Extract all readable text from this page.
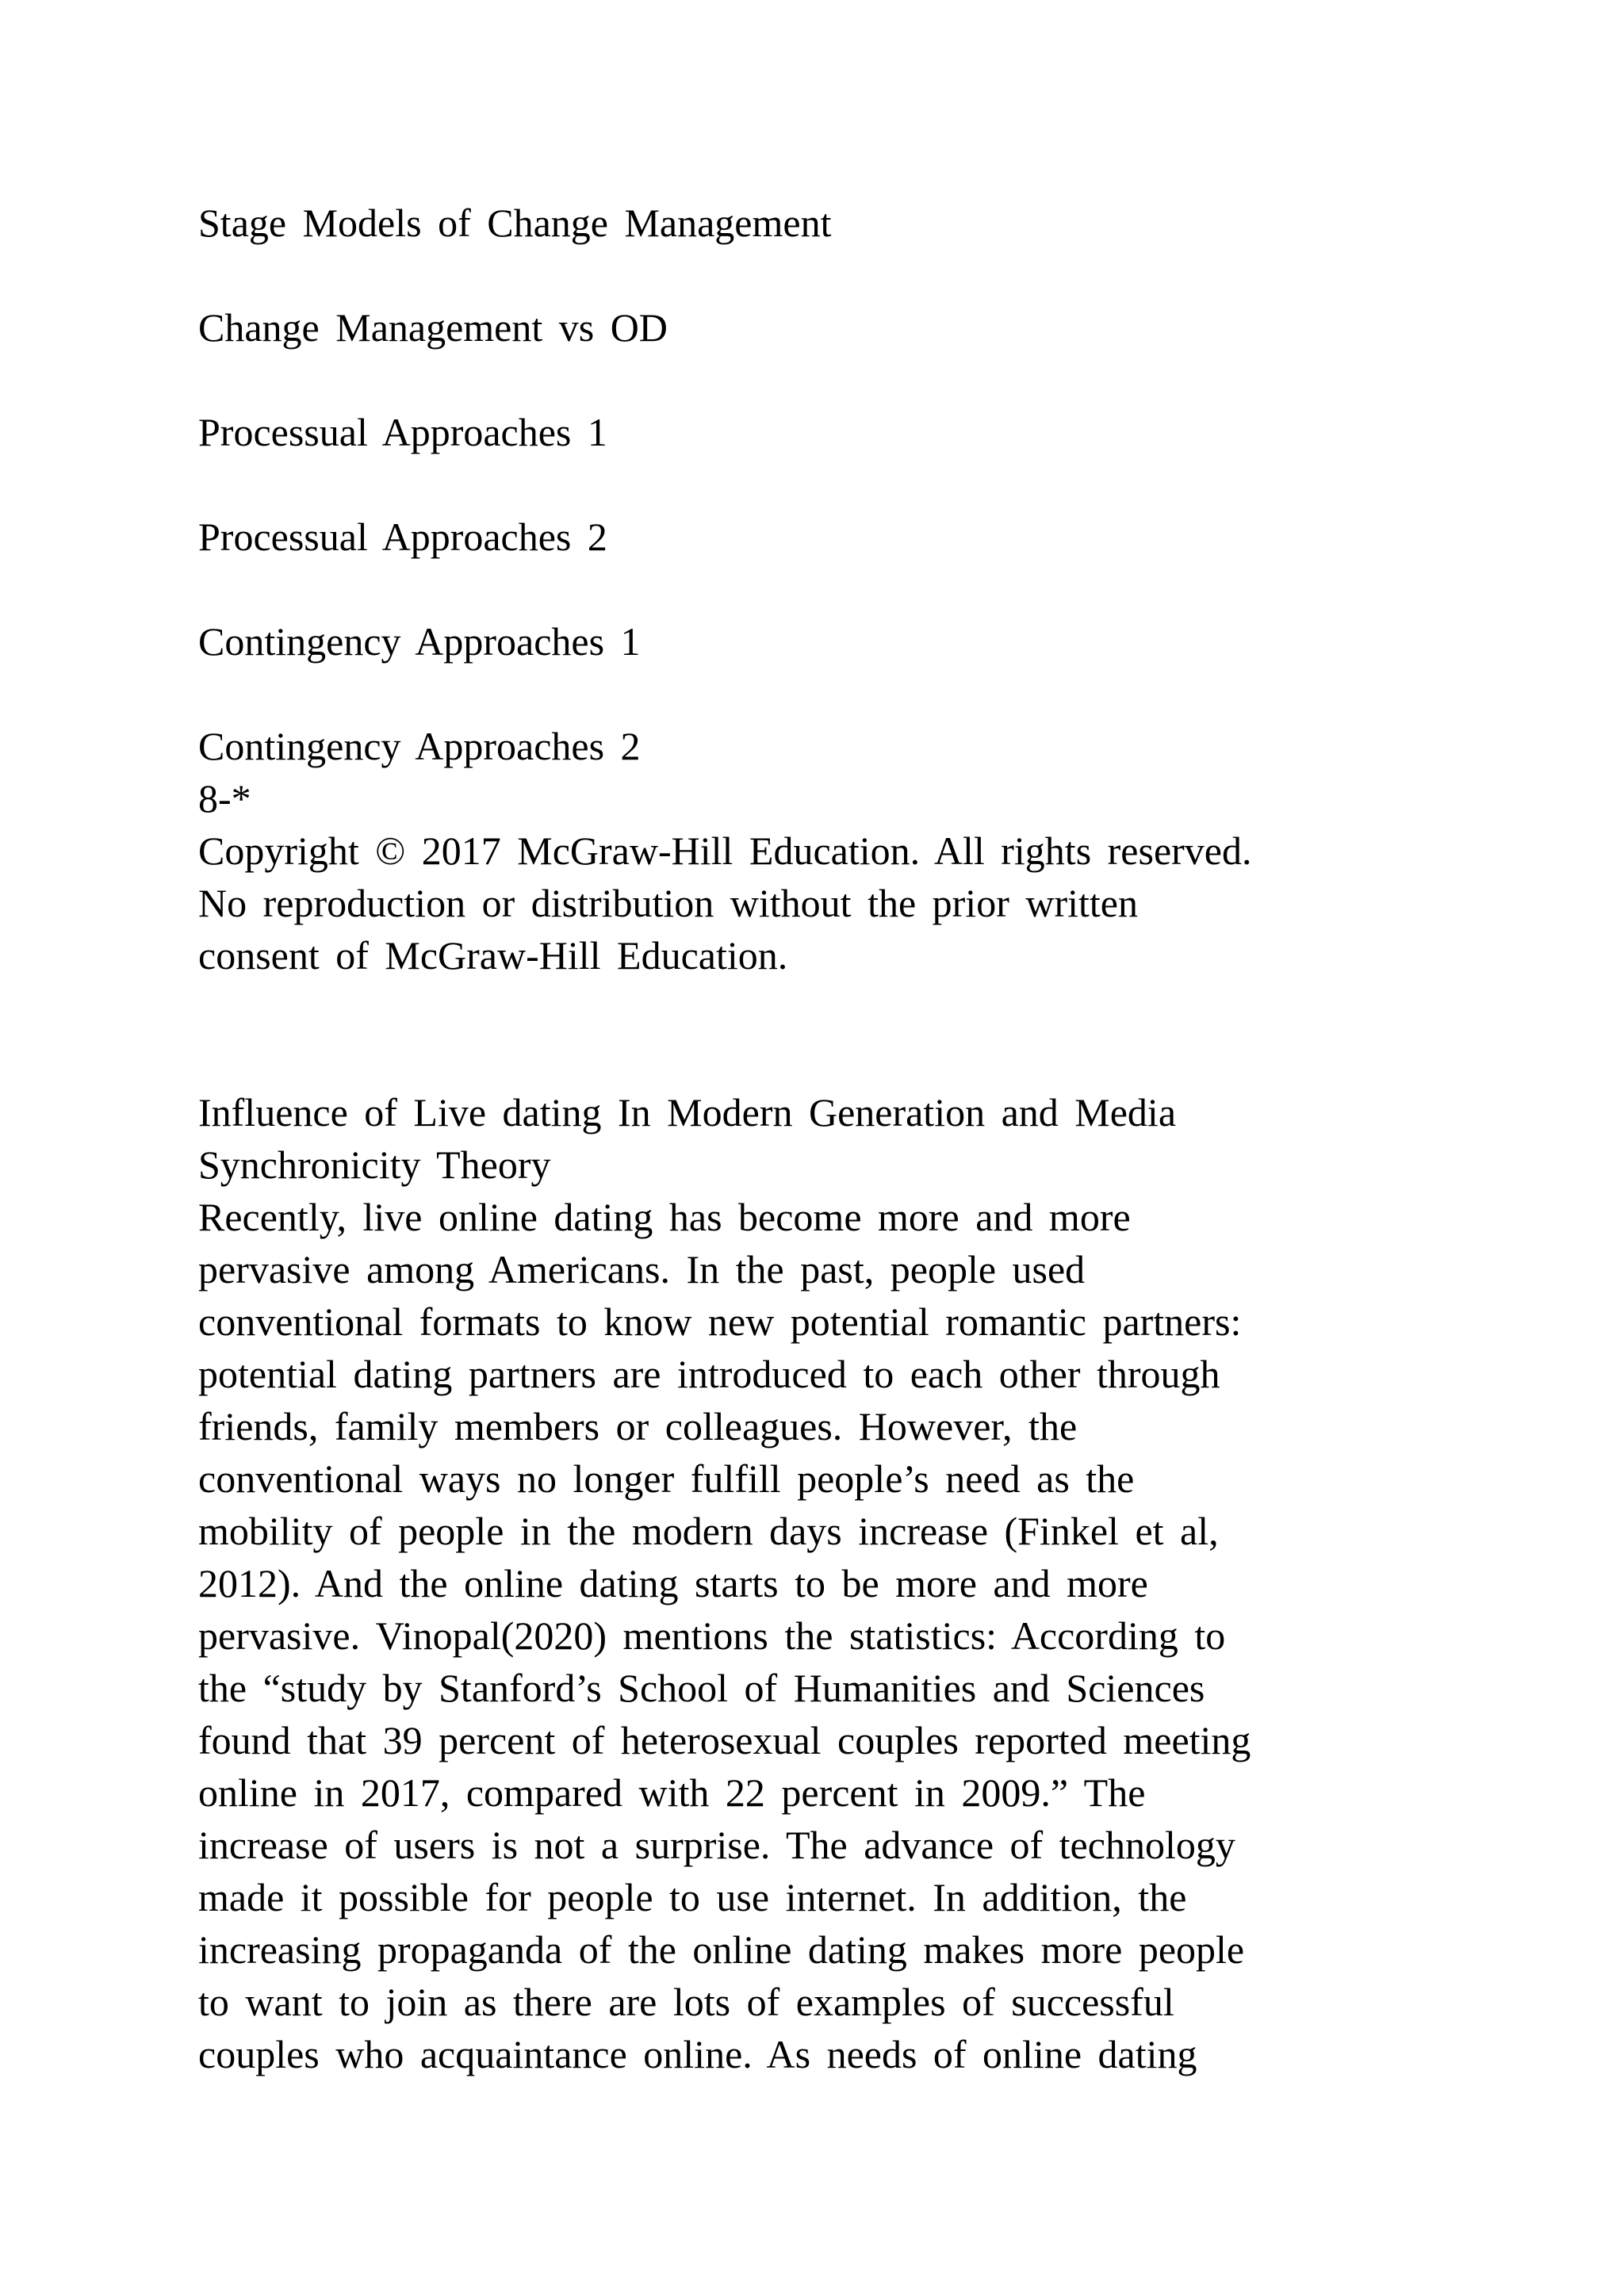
Stage Models of Change Management
Change Management vs OD
Processual Approaches 1
Processual Approaches 2
Contingency Approaches 1
Contingency Approaches 2
8-*
Copyright © 2017 McGraw-Hill Education. All rights reserved.
No reproduction or distribution without the prior written
consent of McGraw-Hill Education.
Influence of Live dating In Modern Generation and Media
Synchronicity Theory
Recently, live online dating has become more and more
pervasive among Americans. In the past, people used
conventional formats to know new potential romantic partners:
potential dating partners are introduced to each other through
friends, family members or colleagues. However, the
conventional ways no longer fulfill people’s need as the
mobility of people in the modern days increase (Finkel et al,
2012). And the online dating starts to be more and more
pervasive. Vinopal(2020) mentions the statistics: According to
the “study by Stanford’s School of Humanities and Sciences
found that 39 percent of heterosexual couples reported meeting
online in 2017, compared with 22 percent in 2009.” The
increase of users is not a surprise. The advance of technology
made it possible for people to use internet. In addition, the
increasing propaganda of the online dating makes more people
to want to join as there are lots of examples of successful
couples who acquaintance online. As needs of online dating
